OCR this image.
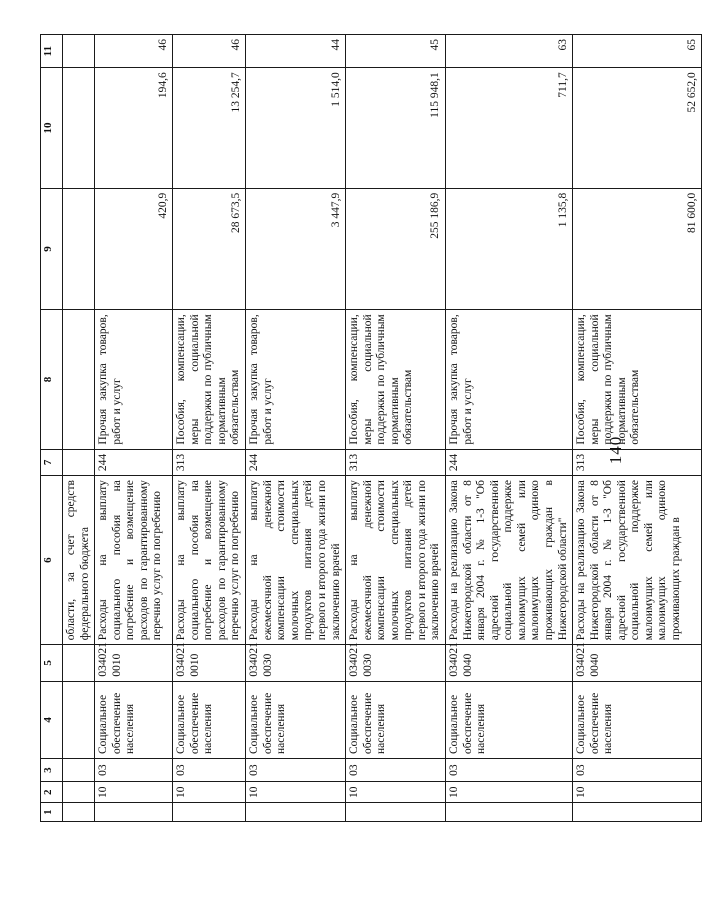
140
1	2	3	4	5	6	7	8	9	10	11
					области, за счет средств федерального бюджета					
	10	03	Социальное обеспечение населения	034021 0010	Расходы на выплату социального пособия на погребение и возмещение расходов по гарантированному перечню услуг по погребению	244	Прочая закупка товаров, работ и услуг	420,9	194,6	46
	10	03	Социальное обеспечение населения	034021 0010	Расходы на выплату социального пособия на погребение и возмещение расходов по гарантированному перечню услуг по погребению	313	Пособия, компенсации, меры социальной поддержки по публичным нормативным обязательствам	28 673,5	13 254,7	46
	10	03	Социальное обеспечение населения	034021 0030	Расходы на выплату ежемесячной денежной компенсации стоимости молочных специальных продуктов питания детей первого и второго года жизни по заключению врачей	244	Прочая закупка товаров, работ и услуг	3 447,9	1 514,0	44
	10	03	Социальное обеспечение населения	034021 0030	Расходы на выплату ежемесячной денежной компенсации стоимости молочных специальных продуктов питания детей первого и второго года жизни по заключению врачей	313	Пособия, компенсации, меры социальной поддержки по публичным нормативным обязательствам	255 186,9	115 948,1	45
	10	03	Социальное обеспечение населения	034021 0040	Расходы на реализацию Закона Нижегородской области от 8 января 2004 г. № 1-З "Об адресной государственной социальной поддержке малоимущих семей или малоимущих одиноко проживающих граждан в Нижегородской области"	244	Прочая закупка товаров, работ и услуг	1 135,8	711,7	63
	10	03	Социальное обеспечение населения	034021 0040	Расходы на реализацию Закона Нижегородской области от 8 января 2004 г. № 1-З "Об адресной государственной социальной поддержке малоимущих семей или малоимущих одиноко проживающих граждан в	313	Пособия, компенсации, меры социальной поддержки по публичным нормативным обязательствам	81 600,0	52 652,0	65
